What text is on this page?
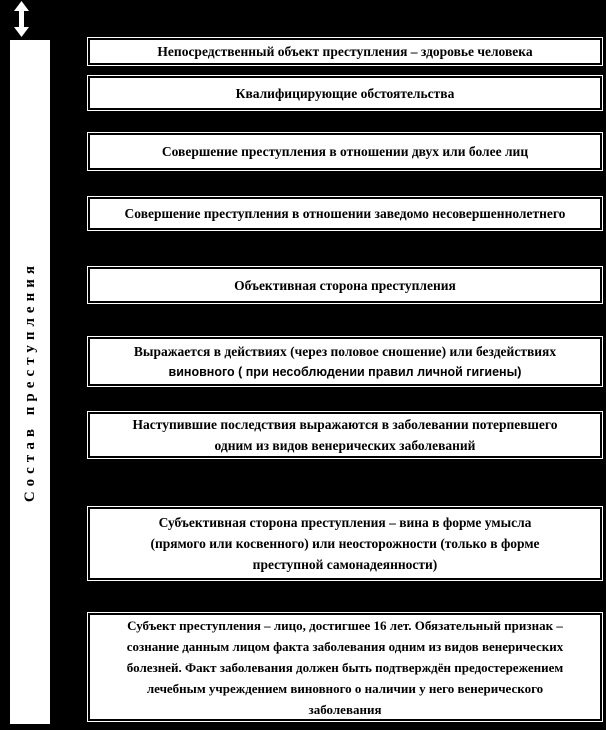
Состав преступления
Непосредственный объект преступления – здоровье человека
Квалифицирующие обстоятельства
Совершение преступления в отношении двух или более лиц
Совершение преступления в отношении заведомо несовершеннолетнего
Объективная сторона преступления
Выражается в действиях (через половое сношение) или бездействиях
виновного ( при несоблюдении правил личной гигиены)
Наступившие последствия выражаются в заболевании потерпевшего
одним из видов венерических заболеваний
Субъективная сторона преступления – вина в форме умысла
(прямого или косвенного) или неосторожности (только в форме
преступной самонадеянности)
Субъект преступления – лицо, достигшее 16 лет. Обязательный признак –
сознание данным лицом факта заболевания одним из видов венерических
болезней. Факт заболевания должен быть подтверждён предостережением
лечебным учреждением виновного о наличии у него венерического
заболевания
